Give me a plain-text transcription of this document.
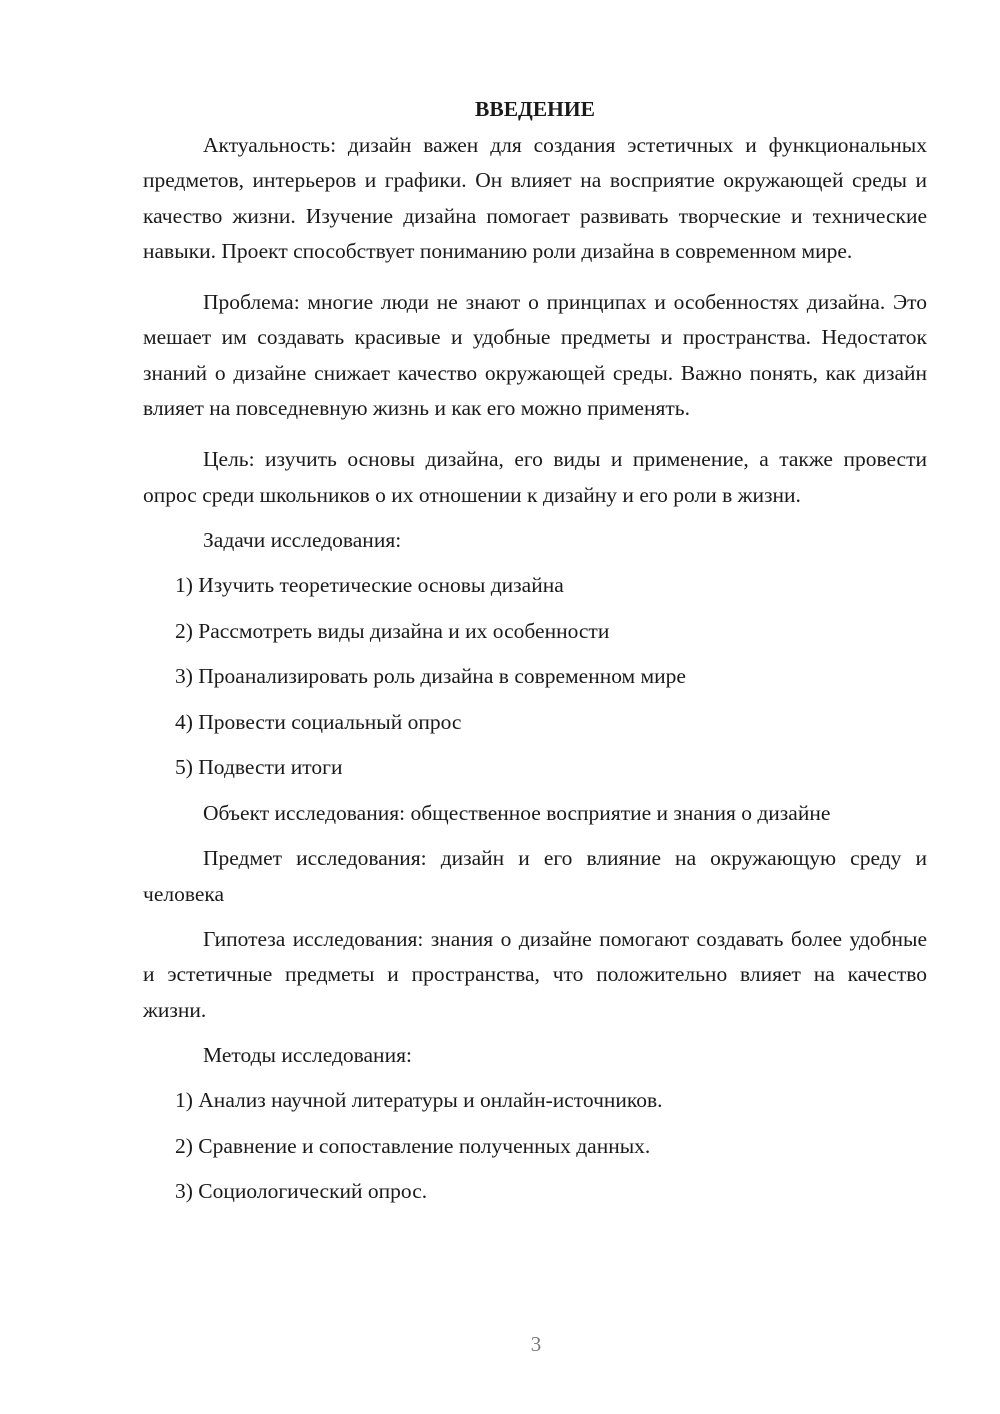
ВВЕДЕНИЕ

Актуальность: дизайн важен для создания эстетичных и функциональных предметов, интерьеров и графики. Он влияет на восприятие окружающей среды и качество жизни. Изучение дизайна помогает развивать творческие и технические навыки. Проект способствует пониманию роли дизайна в современном мире.

Проблема: многие люди не знают о принципах и особенностях дизайна. Это мешает им создавать красивые и удобные предметы и пространства. Недостаток знаний о дизайне снижает качество окружающей среды. Важно понять, как дизайн влияет на повседневную жизнь и как его можно применять.

Цель: изучить основы дизайна, его виды и применение, а также провести опрос среди школьников о их отношении к дизайну и его роли в жизни.

Задачи исследования:
1) Изучить теоретические основы дизайна
2) Рассмотреть виды дизайна и их особенности
3) Проанализировать роль дизайна в современном мире
4) Провести социальный опрос
5) Подвести итоги
Объект исследования: общественное восприятие и знания о дизайне

Предмет исследования: дизайн и его влияние на окружающую среду и человека

Гипотеза исследования: знания о дизайне помогают создавать более удобные и эстетичные предметы и пространства, что положительно влияет на качество жизни.

Методы исследования:
1) Анализ научной литературы и онлайн-источников.
2) Сравнение и сопоставление полученных данных.
3) Социологический опрос.
3
